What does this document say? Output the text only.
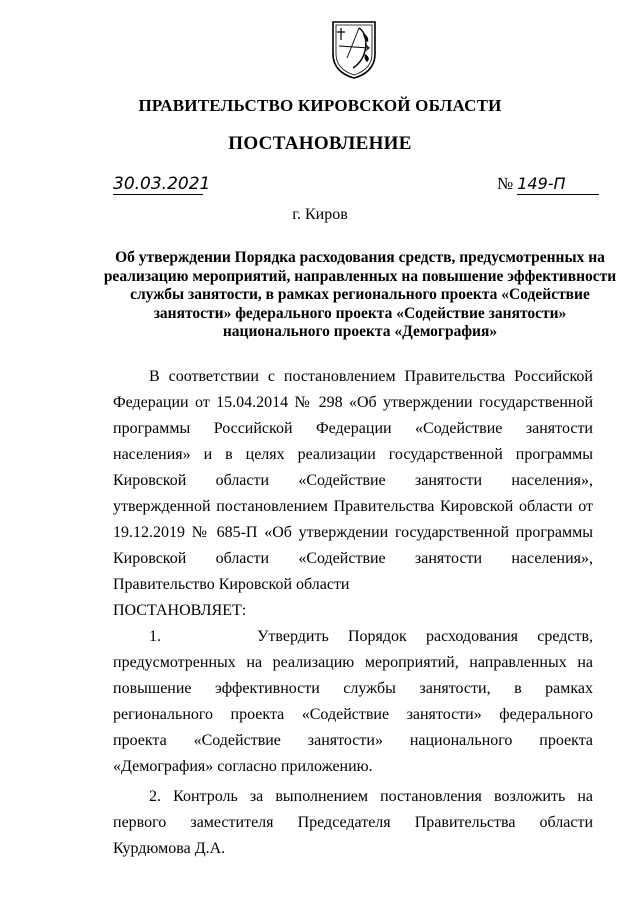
ПРАВИТЕЛЬСТВО КИРОВСКОЙ ОБЛАСТИ
ПОСТАНОВЛЕНИЕ
30.03.2021	№ 149-П
г. Киров
Об утверждении Порядка расходования средств, предусмотренных на реализацию мероприятий, направленных на повышение эффективности службы занятости, в рамках регионального проекта «Содействие занятости» федерального проекта «Содействие занятости» национального проекта «Демография»

В соответствии с постановлением Правительства Российской Федерации от 15.04.2014 № 298 «Об утверждении государственной программы Российской Федерации «Содействие занятости населения» и в целях реализации государственной программы Кировской области «Содействие занятости населения», утвержденной постановлением Правительства Кировской области от 19.12.2019 № 685-П «Об утверждении государственной программы Кировской области «Содействие занятости населения», Правительство Кировской области

ПОСТАНОВЛЯЕТ:

1.     Утвердить Порядок расходования средств, предусмотренных на реализацию мероприятий, направленных на повышение эффективности службы занятости, в рамках регионального проекта «Содействие занятости» федерального проекта «Содействие занятости» национального проекта «Демография» согласно приложению.

2. Контроль за выполнением постановления возложить на первого заместителя Председателя Правительства области Курдюмова Д.А.
